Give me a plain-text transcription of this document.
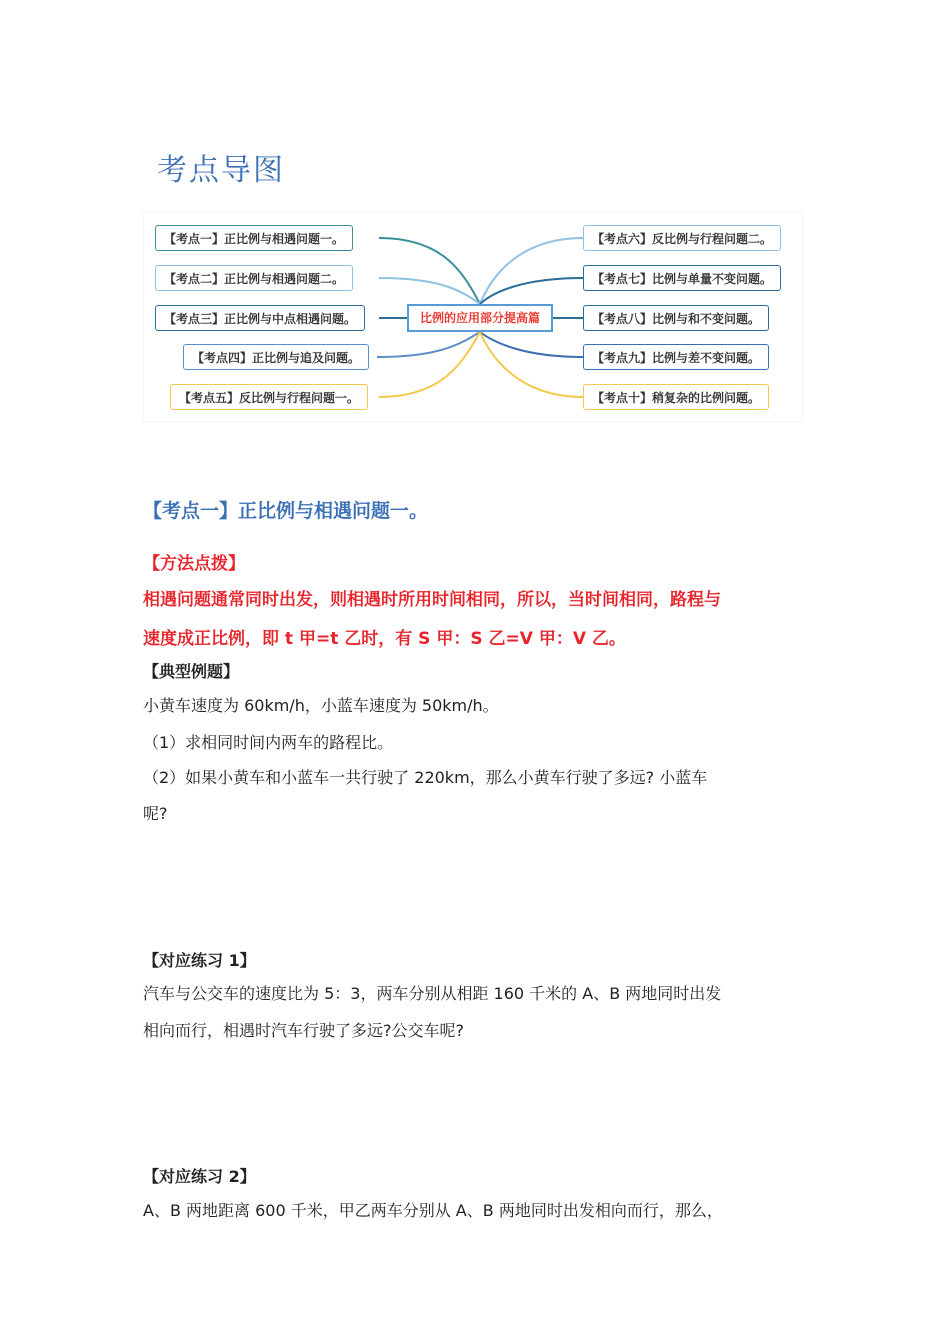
考点导图
比例的应用部分提高篇
【考点一】正比例与相遇问题一。
【考点二】正比例与相遇问题二。
【考点三】正比例与中点相遇问题。
【考点四】正比例与追及问题。
【考点五】反比例与行程问题一。
【考点六】反比例与行程问题二。
【考点七】比例与单量不变问题。
【考点八】比例与和不变问题。
【考点九】比例与差不变问题。
【考点十】稍复杂的比例问题。
【考点一】正比例与相遇问题一。
【方法点拨】
相遇问题通常同时出发，则相遇时所用时间相同，所以，当时间相同，路程与
速度成正比例，即 t 甲=t 乙时，有 S 甲：S 乙=V 甲：V 乙。
【典型例题】
小黄车速度为 60km/h，小蓝车速度为 50km/h。
（1）求相同时间内两车的路程比。
（2）如果小黄车和小蓝车一共行驶了 220km，那么小黄车行驶了多远? 小蓝车
呢?
【对应练习 1】
汽车与公交车的速度比为 5：3，两车分别从相距 160 千米的 A、B 两地同时出发
相向而行，相遇时汽车行驶了多远?公交车呢?
【对应练习 2】
A、B 两地距离 600 千米，甲乙两车分别从 A、B 两地同时出发相向而行，那么，
